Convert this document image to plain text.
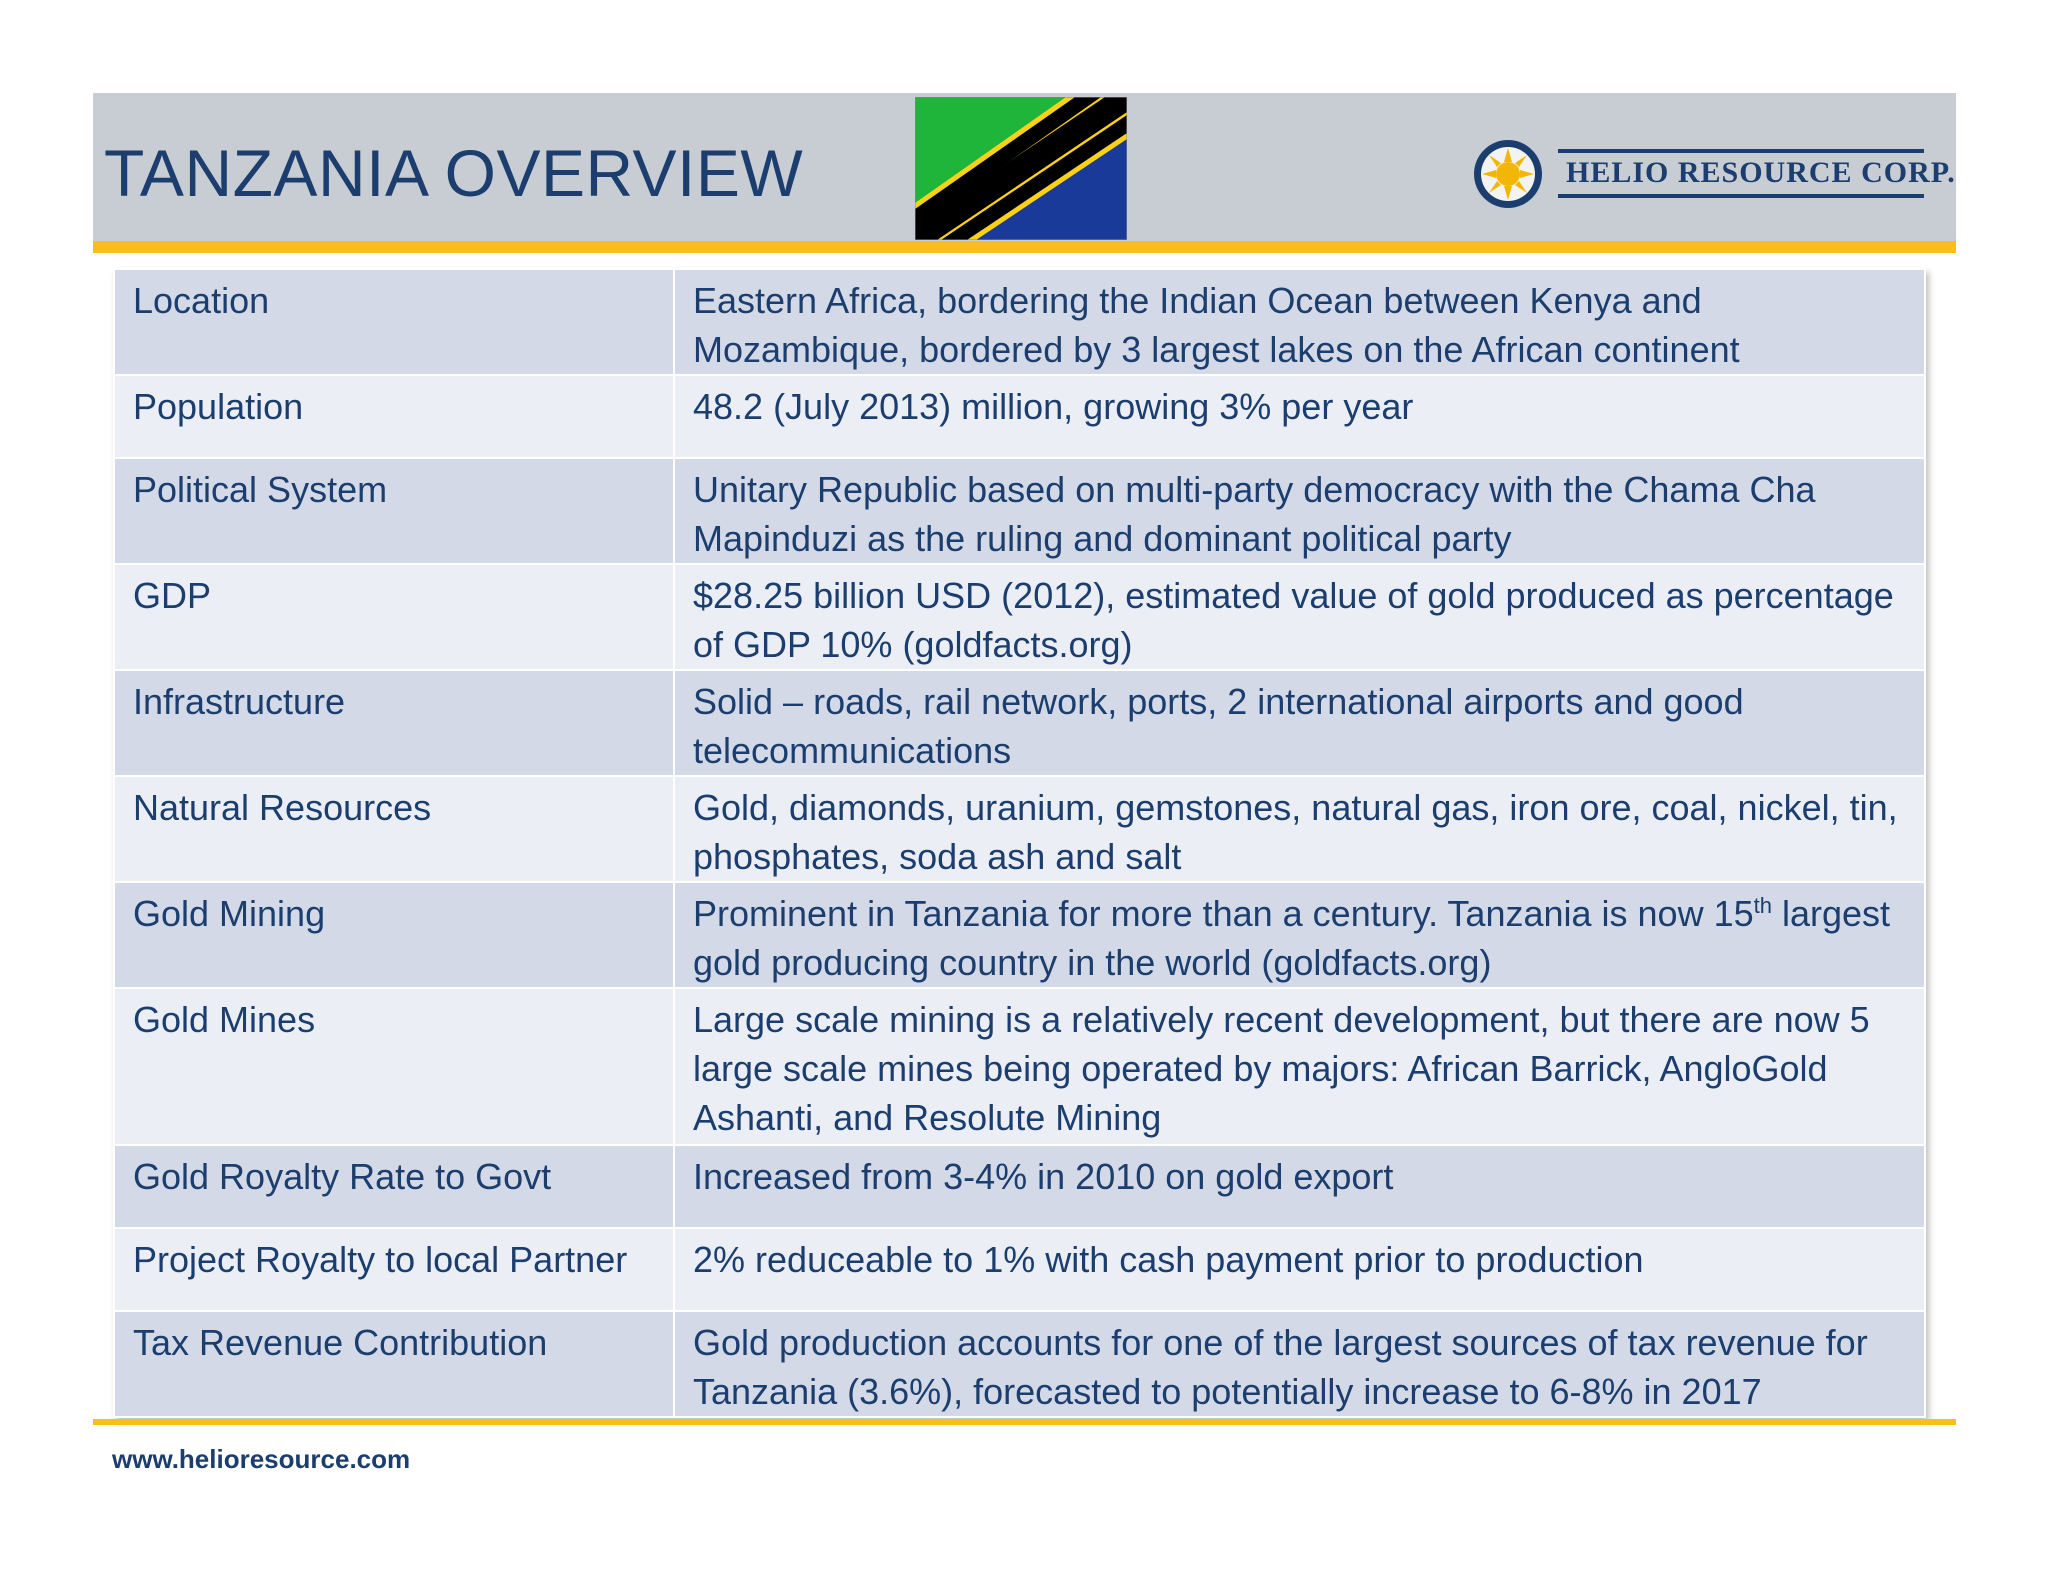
TANZANIA OVERVIEW	HELIO RESOURCE CORP.
Location	Eastern Africa, bordering the Indian Ocean between Kenya and Mozambique, bordered by 3 largest lakes on the African continent
Population	48.2 (July 2013) million, growing 3% per year
Political System	Unitary Republic based on multi-party democracy with the Chama Cha Mapinduzi as the ruling and dominant political party
GDP	$28.25 billion USD (2012), estimated value of gold produced as percentage of GDP 10% (goldfacts.org)
Infrastructure	Solid – roads, rail network, ports, 2 international airports and good telecommunications
Natural Resources	Gold, diamonds, uranium, gemstones, natural gas, iron ore, coal, nickel, tin, phosphates, soda ash and salt
Gold Mining	Prominent in Tanzania for more than a century. Tanzania is now 15th largest gold producing country in the world (goldfacts.org)
Gold Mines	Large scale mining is a relatively recent development, but there are now 5 large scale mines being operated by majors: African Barrick, AngloGold Ashanti, and Resolute Mining
Gold Royalty Rate to Govt	Increased from 3-4% in 2010 on gold export
Project Royalty to local Partner	2% reduceable to 1% with cash payment prior to production
Tax Revenue Contribution	Gold production accounts for one of the largest sources of tax revenue for Tanzania (3.6%), forecasted to potentially increase to 6-8% in 2017
www.helioresource.com
